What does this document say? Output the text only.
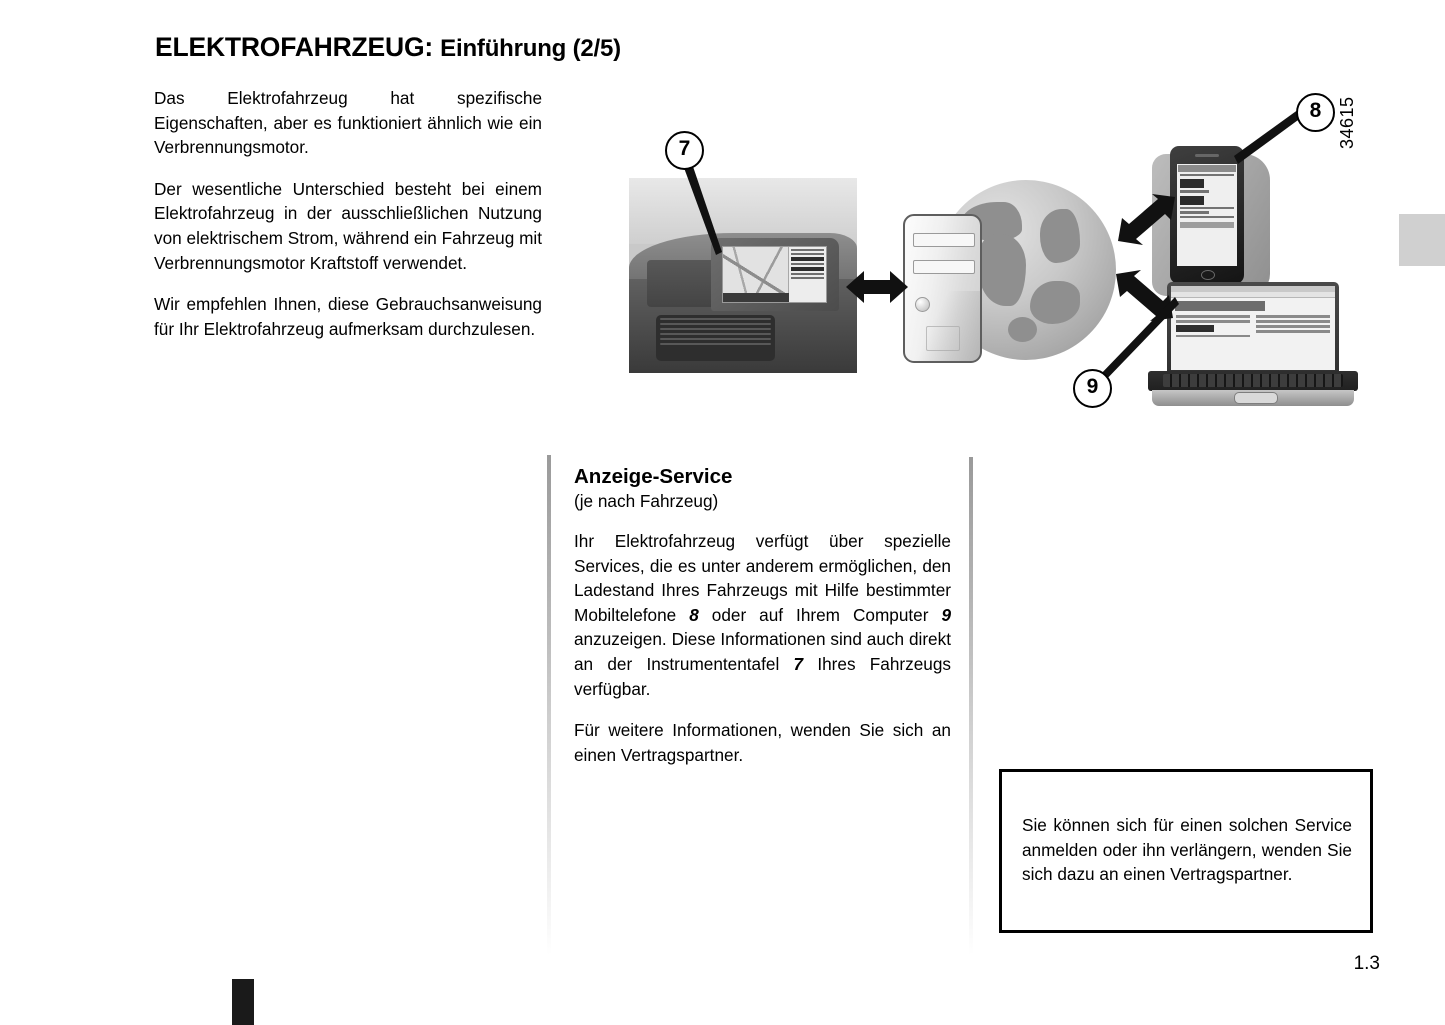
ELEKTROFAHRZEUG: Einführung (2/5)

Das Elektrofahrzeug hat spezifische Eigenschaften, aber es funktioniert ähnlich wie ein Verbrennungsmotor.

Der wesentliche Unterschied besteht bei einem Elektrofahrzeug in der ausschließlichen Nutzung von elektrischem Strom, während ein Fahrzeug mit Verbrennungsmotor Kraftstoff verwendet.

Wir empfehlen Ihnen, diese Gebrauchsanweisung für Ihr Elektrofahrzeug aufmerksam durchzulesen.

7
8
9
34615
Anzeige-Service
(je nach Fahrzeug)

Ihr Elektrofahrzeug verfügt über spezielle Services, die es unter anderem ermöglichen, den Ladestand Ihres Fahrzeugs mit Hilfe bestimmter Mobiltelefone 8 oder auf Ihrem Computer 9 anzuzeigen. Diese Informationen sind auch direkt an der Instrumententafel 7 Ihres Fahrzeugs verfügbar.

Für weitere Informationen, wenden Sie sich an einen Vertragspartner.

Sie können sich für einen solchen Service anmelden oder ihn verlängern, wenden Sie sich dazu an einen Vertragspartner.
1.3
